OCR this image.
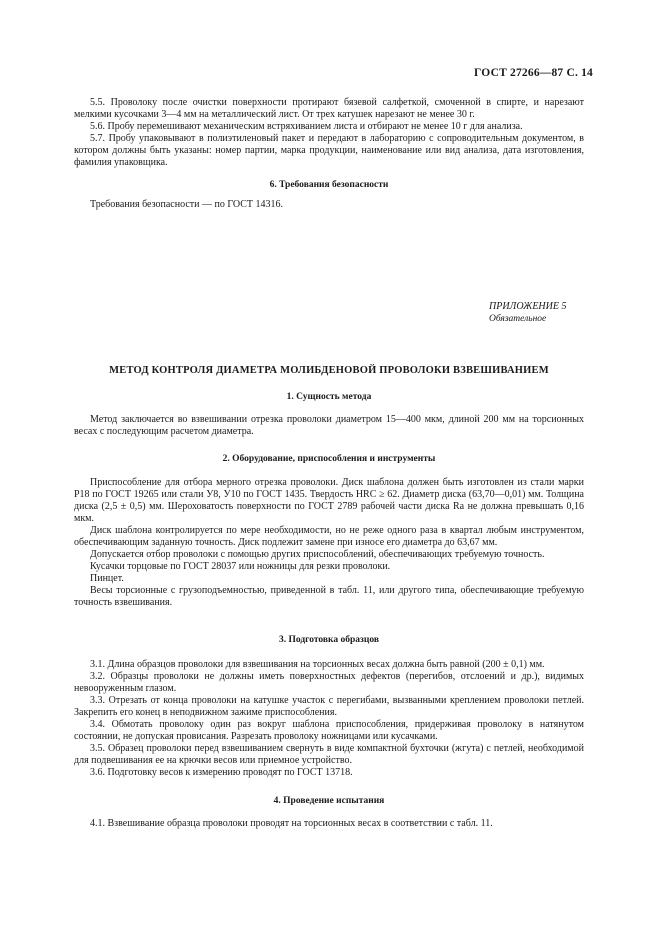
ГОСТ 27266—87 С. 14

5.5. Проволоку после очистки поверхности протирают бязевой салфеткой, смоченной в спирте, и нарезают мелкими кусочками 3—4 мм на металлический лист. От трех катушек нарезают не менее 30 г.

5.6. Пробу перемешивают механическим встряхиванием листа и отбирают не менее 10 г для анализа.

5.7. Пробу упаковывают в полиэтиленовый пакет и передают в лабораторию с сопроводительным документом, в котором должны быть указаны: номер партии, марка продукции, наименование или вид анализа, дата изготовления, фамилия упаковщика.

6. Требования безопасности

Требования безопасности — по ГОСТ 14316.

ПРИЛОЖЕНИЕ 5
Обязательное
МЕТОД КОНТРОЛЯ ДИАМЕТРА МОЛИБДЕНОВОЙ ПРОВОЛОКИ ВЗВЕШИВАНИЕМ
1. Сущность метода

Метод заключается во взвешивании отрезка проволоки диаметром 15—400 мкм, длиной 200 мм на торсионных весах с последующим расчетом диаметра.

2. Оборудование, приспособления и инструменты

Приспособление для отбора мерного отрезка проволоки. Диск шаблона должен быть изготовлен из стали марки Р18 по ГОСТ 19265 или стали У8, У10 по ГОСТ 1435. Твердость HRC ≥ 62. Диаметр диска (63,70—0,01) мм. Толщина диска (2,5 ± 0,5) мм. Шероховатость поверхности по ГОСТ 2789 рабочей части диска Ra не должна превышать 0,16 мкм.

Диск шаблона контролируется по мере необходимости, но не реже одного раза в квартал любым инструментом, обеспечивающим заданную точность. Диск подлежит замене при износе его диаметра до 63,67 мм.

Допускается отбор проволоки с помощью других приспособлений, обеспечивающих требуемую точность.

Кусачки торцовые по ГОСТ 28037 или ножницы для резки проволоки.

Пинцет.

Весы торсионные с грузоподъемностью, приведенной в табл. 11, или другого типа, обеспечивающие требуемую точность взвешивания.

3. Подготовка образцов

3.1. Длина образцов проволоки для взвешивания на торсионных весах должна быть равной (200 ± 0,1) мм.

3.2. Образцы проволоки не должны иметь поверхностных дефектов (перегибов, отслоений и др.), видимых невооруженным глазом.

3.3. Отрезать от конца проволоки на катушке участок с перегибами, вызванными креплением проволоки петлей. Закрепить его конец в неподвижном зажиме приспособления.

3.4. Обмотать проволоку один раз вокруг шаблона приспособления, придерживая проволоку в натянутом состоянии, не допуская провисания. Разрезать проволоку ножницами или кусачками.

3.5. Образец проволоки перед взвешиванием свернуть в виде компактной бухточки (жгута) с петлей, необходимой для подвешивания ее на крючки весов или приемное устройство.

3.6. Подготовку весов к измерению проводят по ГОСТ 13718.

4. Проведение испытания

4.1. Взвешивание образца проволоки проводят на торсионных весах в соответствии с табл. 11.
